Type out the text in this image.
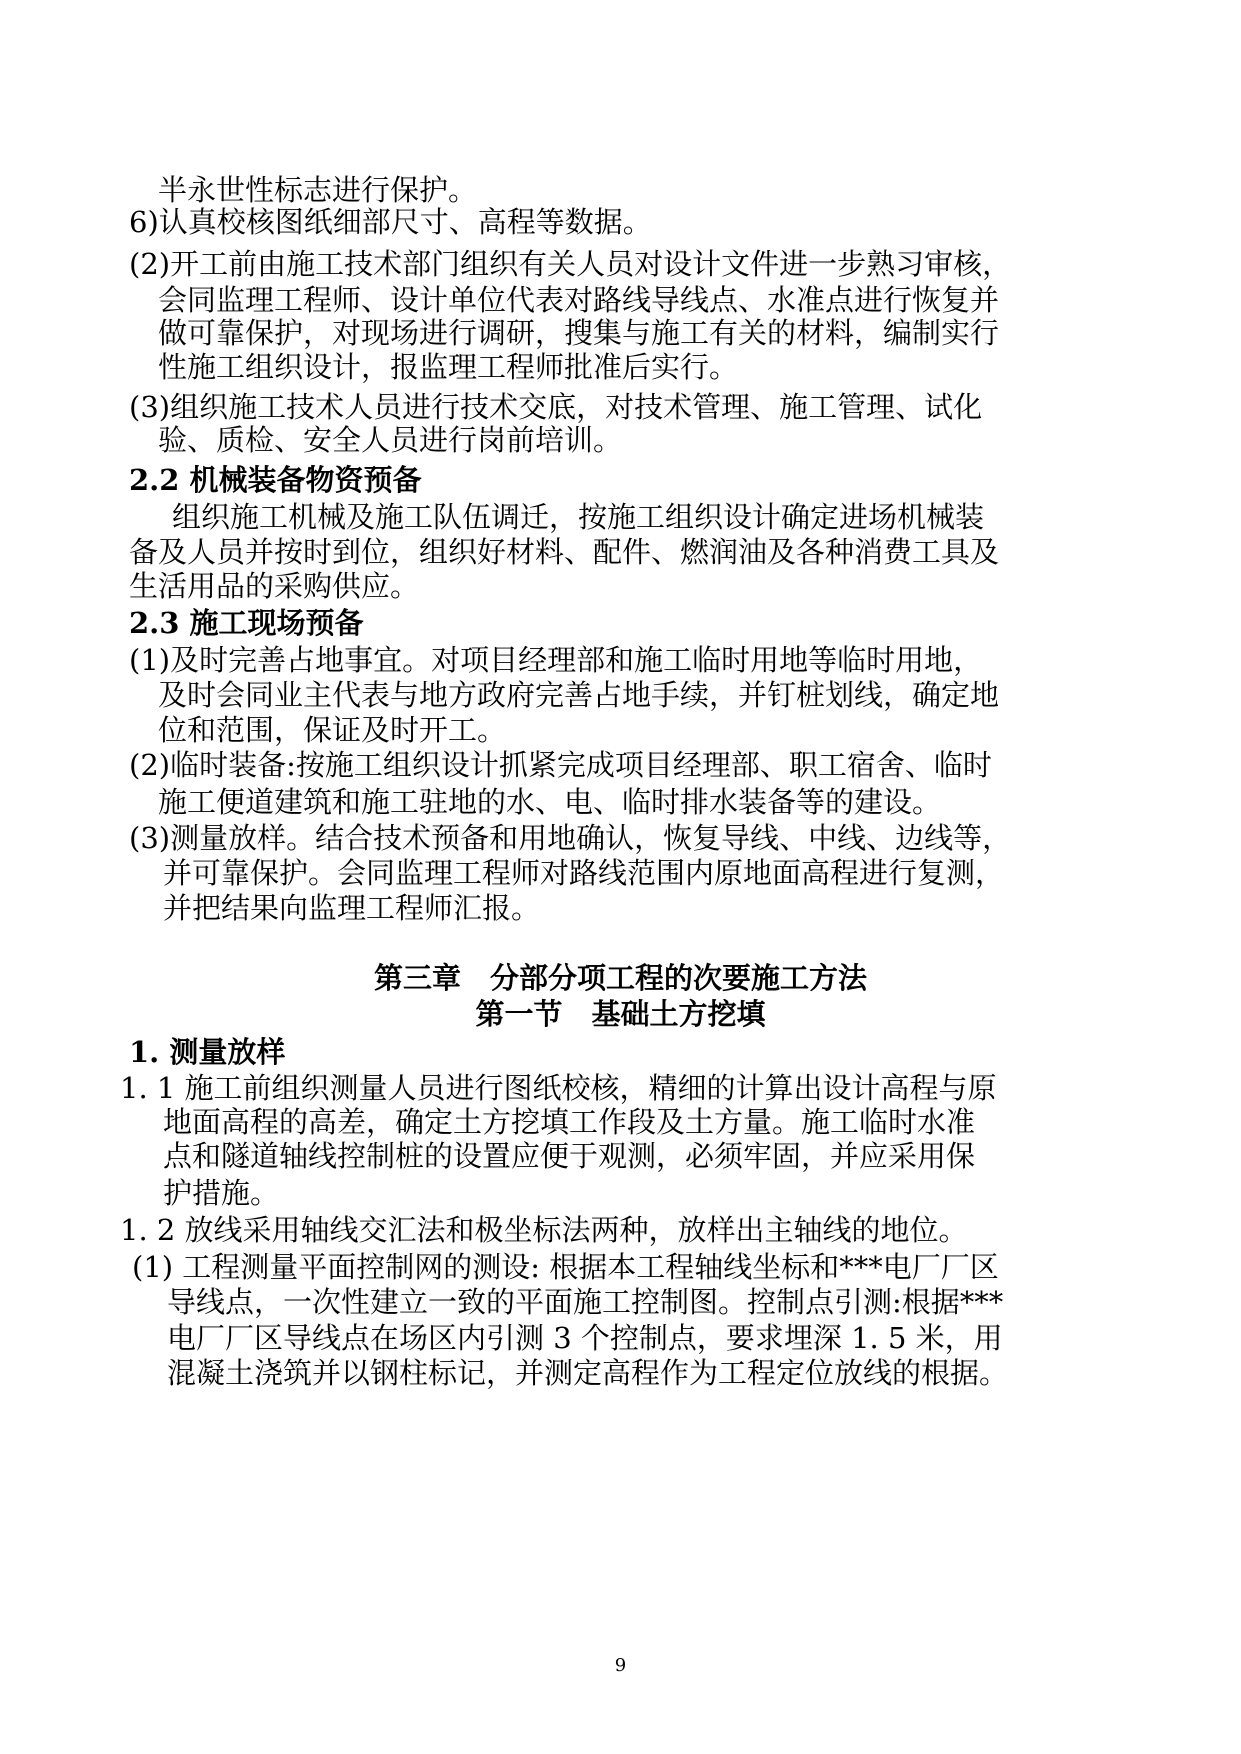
半永世性标志进行保护。
6)认真校核图纸细部尺寸、高程等数据。
(2)开工前由施工技术部门组织有关人员对设计文件进一步熟习审核，
会同监理工程师、设计单位代表对路线导线点、水准点进行恢复并
做可靠保护，对现场进行调研，搜集与施工有关的材料，编制实行
性施工组织设计，报监理工程师批准后实行。
(3)组织施工技术人员进行技术交底，对技术管理、施工管理、试化
验、质检、安全人员进行岗前培训。
2.2 机械装备物资预备
组织施工机械及施工队伍调迁，按施工组织设计确定进场机械装
备及人员并按时到位，组织好材料、配件、燃润油及各种消费工具及
生活用品的采购供应。
2.3 施工现场预备
(1)及时完善占地事宜。对项目经理部和施工临时用地等临时用地，
及时会同业主代表与地方政府完善占地手续，并钉桩划线，确定地
位和范围，保证及时开工。
(2)临时装备:按施工组织设计抓紧完成项目经理部、职工宿舍、临时
施工便道建筑和施工驻地的水、电、临时排水装备等的建设。
(3)测量放样。结合技术预备和用地确认，恢复导线、中线、边线等，
并可靠保护。会同监理工程师对路线范围内原地面高程进行复测，
并把结果向监理工程师汇报。
第三章　分部分项工程的次要施工方法
第一节　基础土方挖填
1. 测量放样
1. 1 施工前组织测量人员进行图纸校核，精细的计算出设计高程与原
地面高程的高差，确定土方挖填工作段及土方量。施工临时水准
点和隧道轴线控制桩的设置应便于观测，必须牢固，并应采用保
护措施。
1. 2 放线采用轴线交汇法和极坐标法两种，放样出主轴线的地位。
(1) 工程测量平面控制网的测设: 根据本工程轴线坐标和***电厂厂区
导线点，一次性建立一致的平面施工控制图。控制点引测:根据***
电厂厂区导线点在场区内引测 3 个控制点，要求埋深 1. 5 米，用
混凝土浇筑并以钢柱标记，并测定高程作为工程定位放线的根据。
9
